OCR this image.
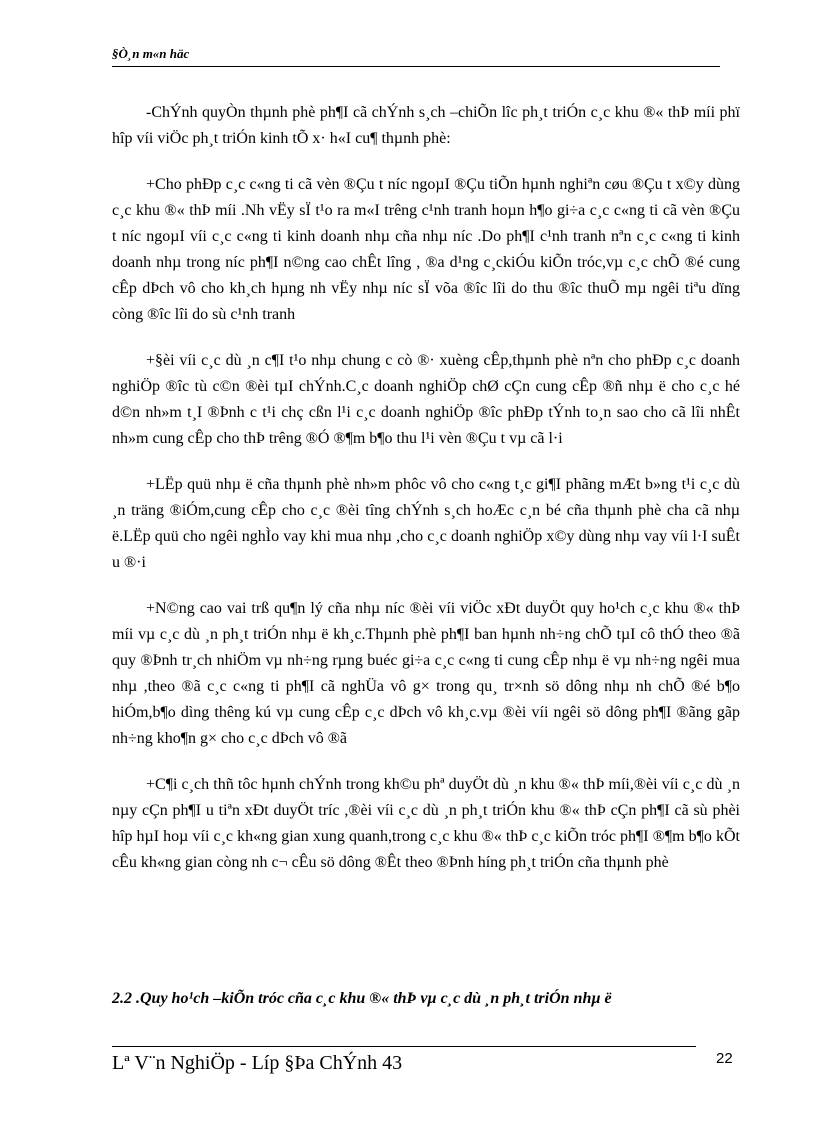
§Ò¸n m«n häc

-ChÝnh quyÒn thµnh phè ph¶I cã chÝnh s¸ch –chiÕn lîc ph¸t triÓn c¸c khu ®« thÞ míi phï hîp víi viÖc ph¸t triÓn kinh tÕ x· h«I cu¶ thµnh phè:

+Cho phÐp c¸c c«ng ti cã vèn ®Çu t níc ngoµI ®Çu tiÕn hµnh nghiªn cøu ®Çu t x©y dùng c¸c khu ®« thÞ míi .Nh vËy sÏ t¹o ra m«I trêng c¹nh tranh hoµn h¶o gi÷a c¸c c«ng ti cã vèn ®Çu t níc ngoµI víi c¸c c«ng ti kinh doanh nhµ cña nhµ níc .Do ph¶I c¹nh tranh nªn c¸c c«ng ti kinh doanh nhµ trong níc ph¶I n©ng cao chÊt lîng , ®a d¹ng c¸ckiÓu kiÕn tróc,vµ c¸c chÕ ®é cung cÊp dÞch vô cho kh¸ch hµng nh vËy nhµ níc sÏ võa ®îc lîi do thu ®îc thuÕ mµ ngêi tiªu dïng còng ®îc lîi do sù c¹nh tranh

+§èi víi c¸c dù ¸n c¶I t¹o nhµ chung c cò ®· xuèng cÊp,thµnh phè nªn cho phÐp c¸c doanh nghiÖp ®îc tù c©n ®èi tµI chÝnh.C¸c doanh nghiÖp chØ cÇn cung cÊp ®ñ nhµ ë cho c¸c hé d©n nh»m t¸I ®Þnh c t¹i chç cßn l¹i c¸c doanh nghiÖp ®îc phÐp tÝnh to¸n sao cho cã lîi nhÊt nh»m cung cÊp cho thÞ trêng ®Ó ®¶m b¶o thu l¹i vèn ®Çu t vµ cã l·i

+LËp quü nhµ ë cña thµnh phè nh»m phôc vô cho c«ng t¸c gi¶I phãng mÆt b»ng t¹i c¸c dù ¸n träng ®iÓm,cung cÊp cho c¸c ®èi tîng chÝnh s¸ch hoÆc c¸n bé cña thµnh phè cha cã nhµ ë.LËp quü cho ngêi nghÌo vay khi mua nhµ ,cho c¸c doanh nghiÖp x©y dùng nhµ vay víi l·I suÊt u ®·i

+N©ng cao vai trß qu¶n lý cña nhµ níc ®èi víi viÖc xÐt duyÖt quy ho¹ch c¸c khu ®« thÞ míi vµ c¸c dù ¸n ph¸t triÓn nhµ ë kh¸c.Thµnh phè ph¶I ban hµnh nh÷ng chÕ tµI cô thÓ theo ®ã quy ®Þnh tr¸ch nhiÖm vµ nh÷ng rµng buéc gi÷a c¸c c«ng ti cung cÊp nhµ ë vµ nh÷ng ngêi mua nhµ ,theo ®ã c¸c c«ng ti ph¶I cã nghÜa vô g× trong qu¸ tr×nh sö dông nhµ nh chÕ ®é b¶o hiÓm,b¶o dìng thêng kú vµ cung cÊp c¸c dÞch vô kh¸c.vµ ®èi víi ngêi sö dông ph¶I ®ãng gãp nh÷ng kho¶n g× cho c¸c dÞch vô ®ã

+C¶i c¸ch thñ tôc hµnh chÝnh trong kh©u phª duyÖt dù ¸n khu ®« thÞ míi,®èi víi c¸c dù ¸n nµy cÇn ph¶I u tiªn xÐt duyÖt tríc ,®èi víi c¸c dù ¸n ph¸t triÓn khu ®« thÞ cÇn ph¶I cã sù phèi hîp hµI hoµ víi c¸c kh«ng gian xung quanh,trong c¸c khu ®« thÞ c¸c kiÕn tróc ph¶I ®¶m b¶o kÕt cÊu kh«ng gian còng nh c¬ cÊu sö dông ®Êt theo ®Þnh híng ph¸t triÓn cña thµnh phè

2.2 .Quy ho¹ch –kiÕn tróc cña c¸c khu ®« thÞ vµ c¸c dù ¸n ph¸t triÓn nhµ ë
Lª V¨n NghiÖp - Líp §Þa ChÝnh 43	22
